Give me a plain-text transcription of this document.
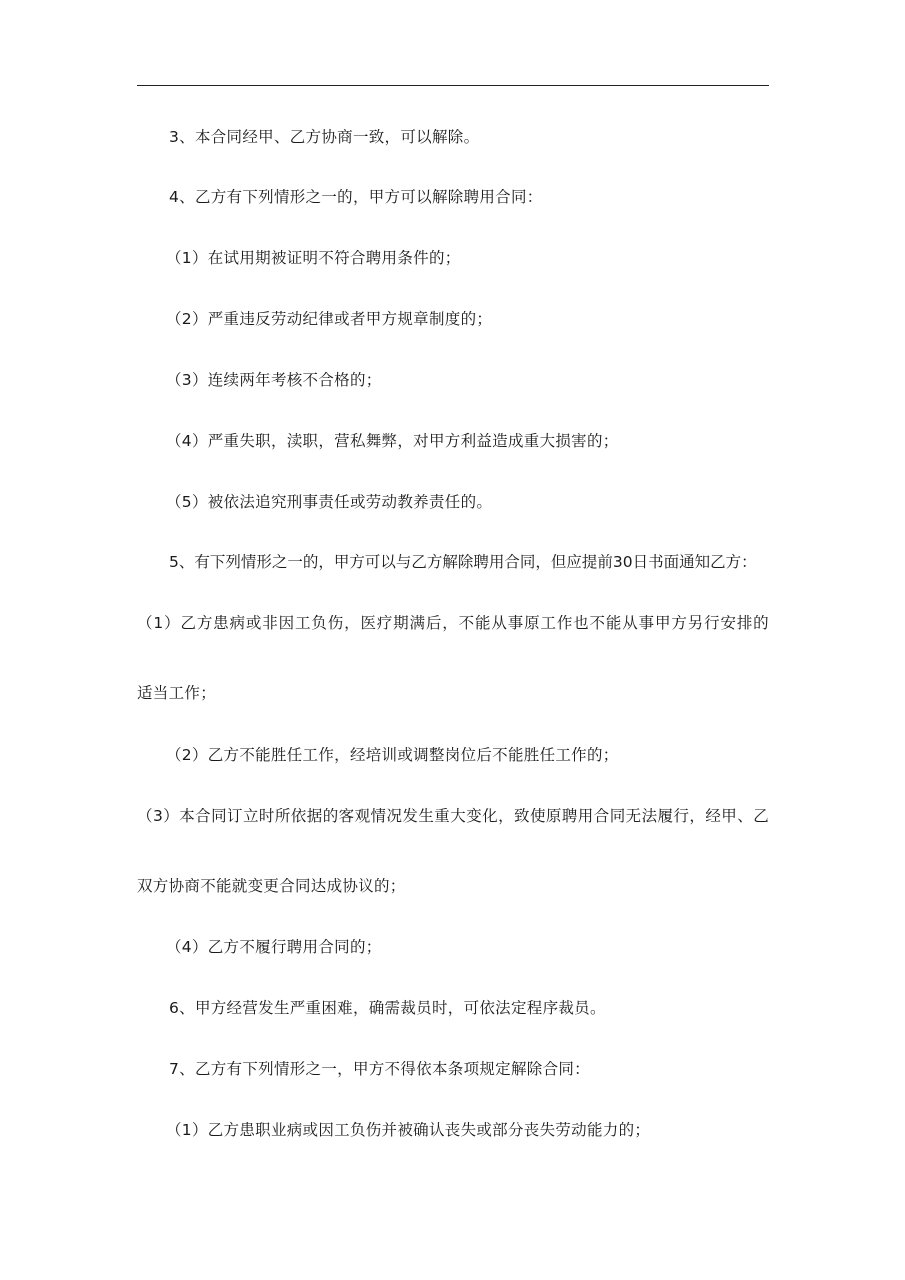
3、本合同经甲、乙方协商一致，可以解除。
4、乙方有下列情形之一的，甲方可以解除聘用合同：
（1）在试用期被证明不符合聘用条件的；
（2）严重违反劳动纪律或者甲方规章制度的；
（3）连续两年考核不合格的；
（4）严重失职，渎职，营私舞弊，对甲方利益造成重大损害的；
（5）被依法追究刑事责任或劳动教养责任的。
5、有下列情形之一的，甲方可以与乙方解除聘用合同，但应提前30日书面通知乙方：
（1）乙方患病或非因工负伤，医疗期满后，不能从事原工作也不能从事甲方另行安排的
适当工作；
（2）乙方不能胜任工作，经培训或调整岗位后不能胜任工作的；
（3）本合同订立时所依据的客观情况发生重大变化，致使原聘用合同无法履行，经甲、乙
双方协商不能就变更合同达成协议的；
（4）乙方不履行聘用合同的；
6、甲方经营发生严重困难，确需裁员时，可依法定程序裁员。
7、乙方有下列情形之一，甲方不得依本条项规定解除合同：
（1）乙方患职业病或因工负伤并被确认丧失或部分丧失劳动能力的；
